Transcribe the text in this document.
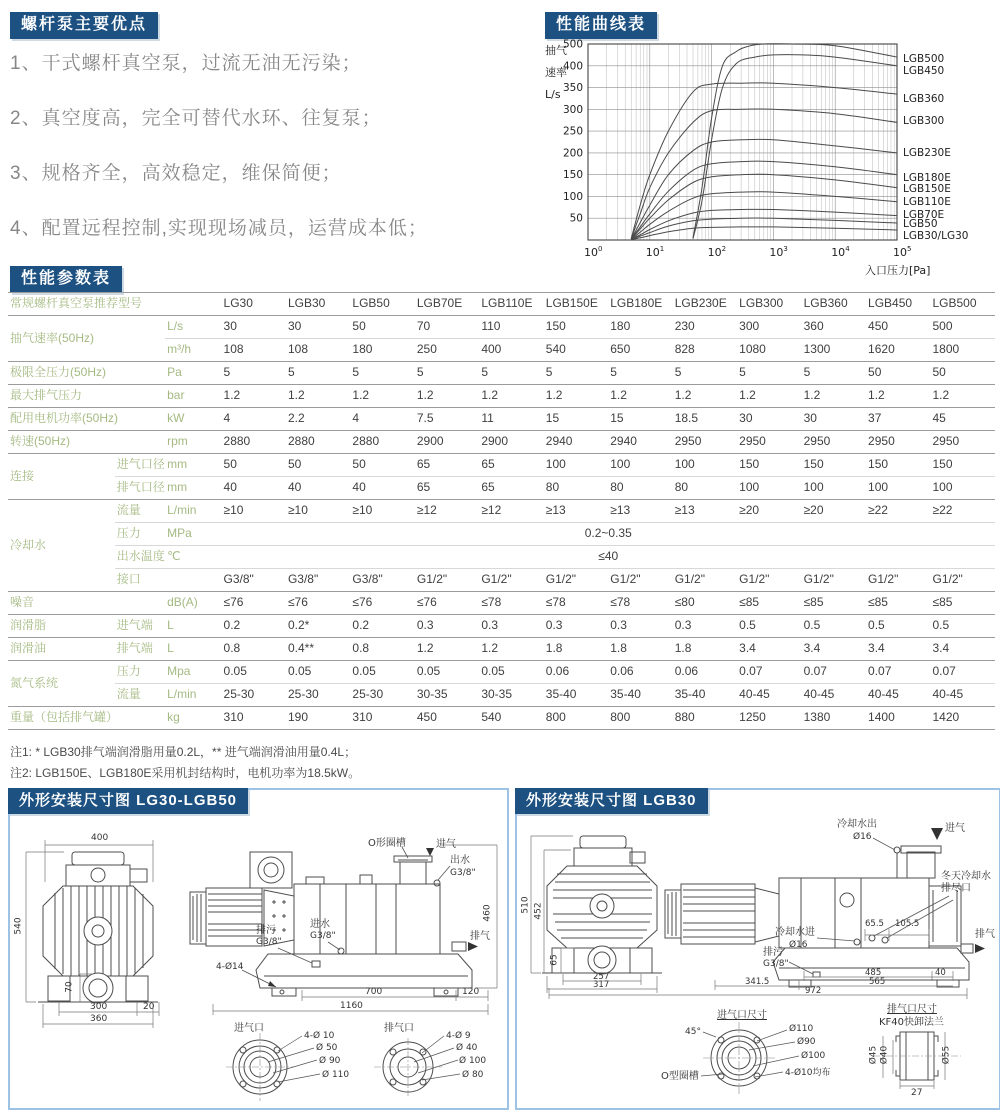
螺杆泵主要优点
1、干式螺杆真空泵，过流无油无污染；
2、真空度高，完全可替代水环、往复泵；
3、规格齐全，高效稳定，维保简便；
4、配置远程控制,实现现场减员，运营成本低；
性能曲线表
50
100
150
200
250
300
350
400
500
抽气
速率
L/s
$10^0$	$10^1$	$10^2$	$10^3$	$10^4$	$10^5$
入口压力[Pa]
LGB500
LGB450
LGB360
LGB300
LGB230E
LGB180E
LGB150E
LGB110E
LGB70E
LGB50
LGB30/LG30
性能参数表
常规螺杆真空泵推荐型号			LG30	LGB30	LGB50	LGB70E	LGB110E	LGB150E	LGB180E	LGB230E	LGB300	LGB360	LGB450	LGB500
抽气速率(50Hz)		L/s	30	30	50	70	110	150	180	230	300	360	450	500
		m³/h	108	108	180	250	400	540	650	828	1080	1300	1620	1800
极限全压力(50Hz)		Pa	5	5	5	5	5	5	5	5	5	5	50	50
最大排气压力		bar	1.2	1.2	1.2	1.2	1.2	1.2	1.2	1.2	1.2	1.2	1.2	1.2
配用电机功率(50Hz)		kW	4	2.2	4	7.5	11	15	15	18.5	30	30	37	45
转速(50Hz)		rpm	2880	2880	2880	2900	2900	2940	2940	2950	2950	2950	2950	2950
连接	进气口径	mm	50	50	50	65	65	100	100	100	150	150	150	150
	排气口径	mm	40	40	40	65	65	80	80	80	100	100	100	100
冷却水	流量	L/min	≥10	≥10	≥10	≥12	≥12	≥13	≥13	≥13	≥20	≥20	≥22	≥22
	压力	MPa	0.2~0.35											
	出水温度	℃	≤40											
	接口		G3/8"	G3/8"	G3/8"	G1/2"	G1/2"	G1/2"	G1/2"	G1/2"	G1/2"	G1/2"	G1/2"	G1/2"
噪音		dB(A)	≤76	≤76	≤76	≤76	≤78	≤78	≤78	≤80	≤85	≤85	≤85	≤85
润滑脂	进气端	L	0.2	0.2*	0.2	0.3	0.3	0.3	0.3	0.3	0.5	0.5	0.5	0.5
润滑油	排气端	L	0.8	0.4**	0.8	1.2	1.2	1.8	1.8	1.8	3.4	3.4	3.4	3.4
氮气系统	压力	Mpa	0.05	0.05	0.05	0.05	0.05	0.06	0.06	0.06	0.07	0.07	0.07	0.07
	流量	L/min	25-30	25-30	25-30	30-35	30-35	35-40	35-40	35-40	40-45	40-45	40-45	40-45
重量（包括排气罐）		kg	310	190	310	450	540	800	800	880	1250	1380	1400	1420
注1: * LGB30排气端润滑脂用量0.2L，** 进气端润滑油用量0.4L；
注2: LGB150E、LGB180E采用机封结构时，电机功率为18.5kW。
外形安装尺寸图 LG30-LGB50
400
540
70
300	20
360
O形圈槽	进气
出水
G3/8"
460
排污
G3/8"
进水
G3/8"	排气
4-Ø14
700	120
1160
进气口
4-Ø 10
Ø 50
Ø 90
Ø 110
排气口
4-Ø 9
Ø 40
Ø 100
Ø 80
外形安装尺寸图 LGB30
510 452
65
257
317
冷却水出
Ø16
进气
冬天冷却水
排尽口
冷却水进
Ø16
排污
G3/8"
65.5 105.5
排气
485	40
341.5	565
972
进气口尺寸
45°	Ø110
Ø90
Ø100
4-Ø10均布
O型圈槽
排气口尺寸
KF40快卸法兰
Ø45 Ø40	Ø55
27
